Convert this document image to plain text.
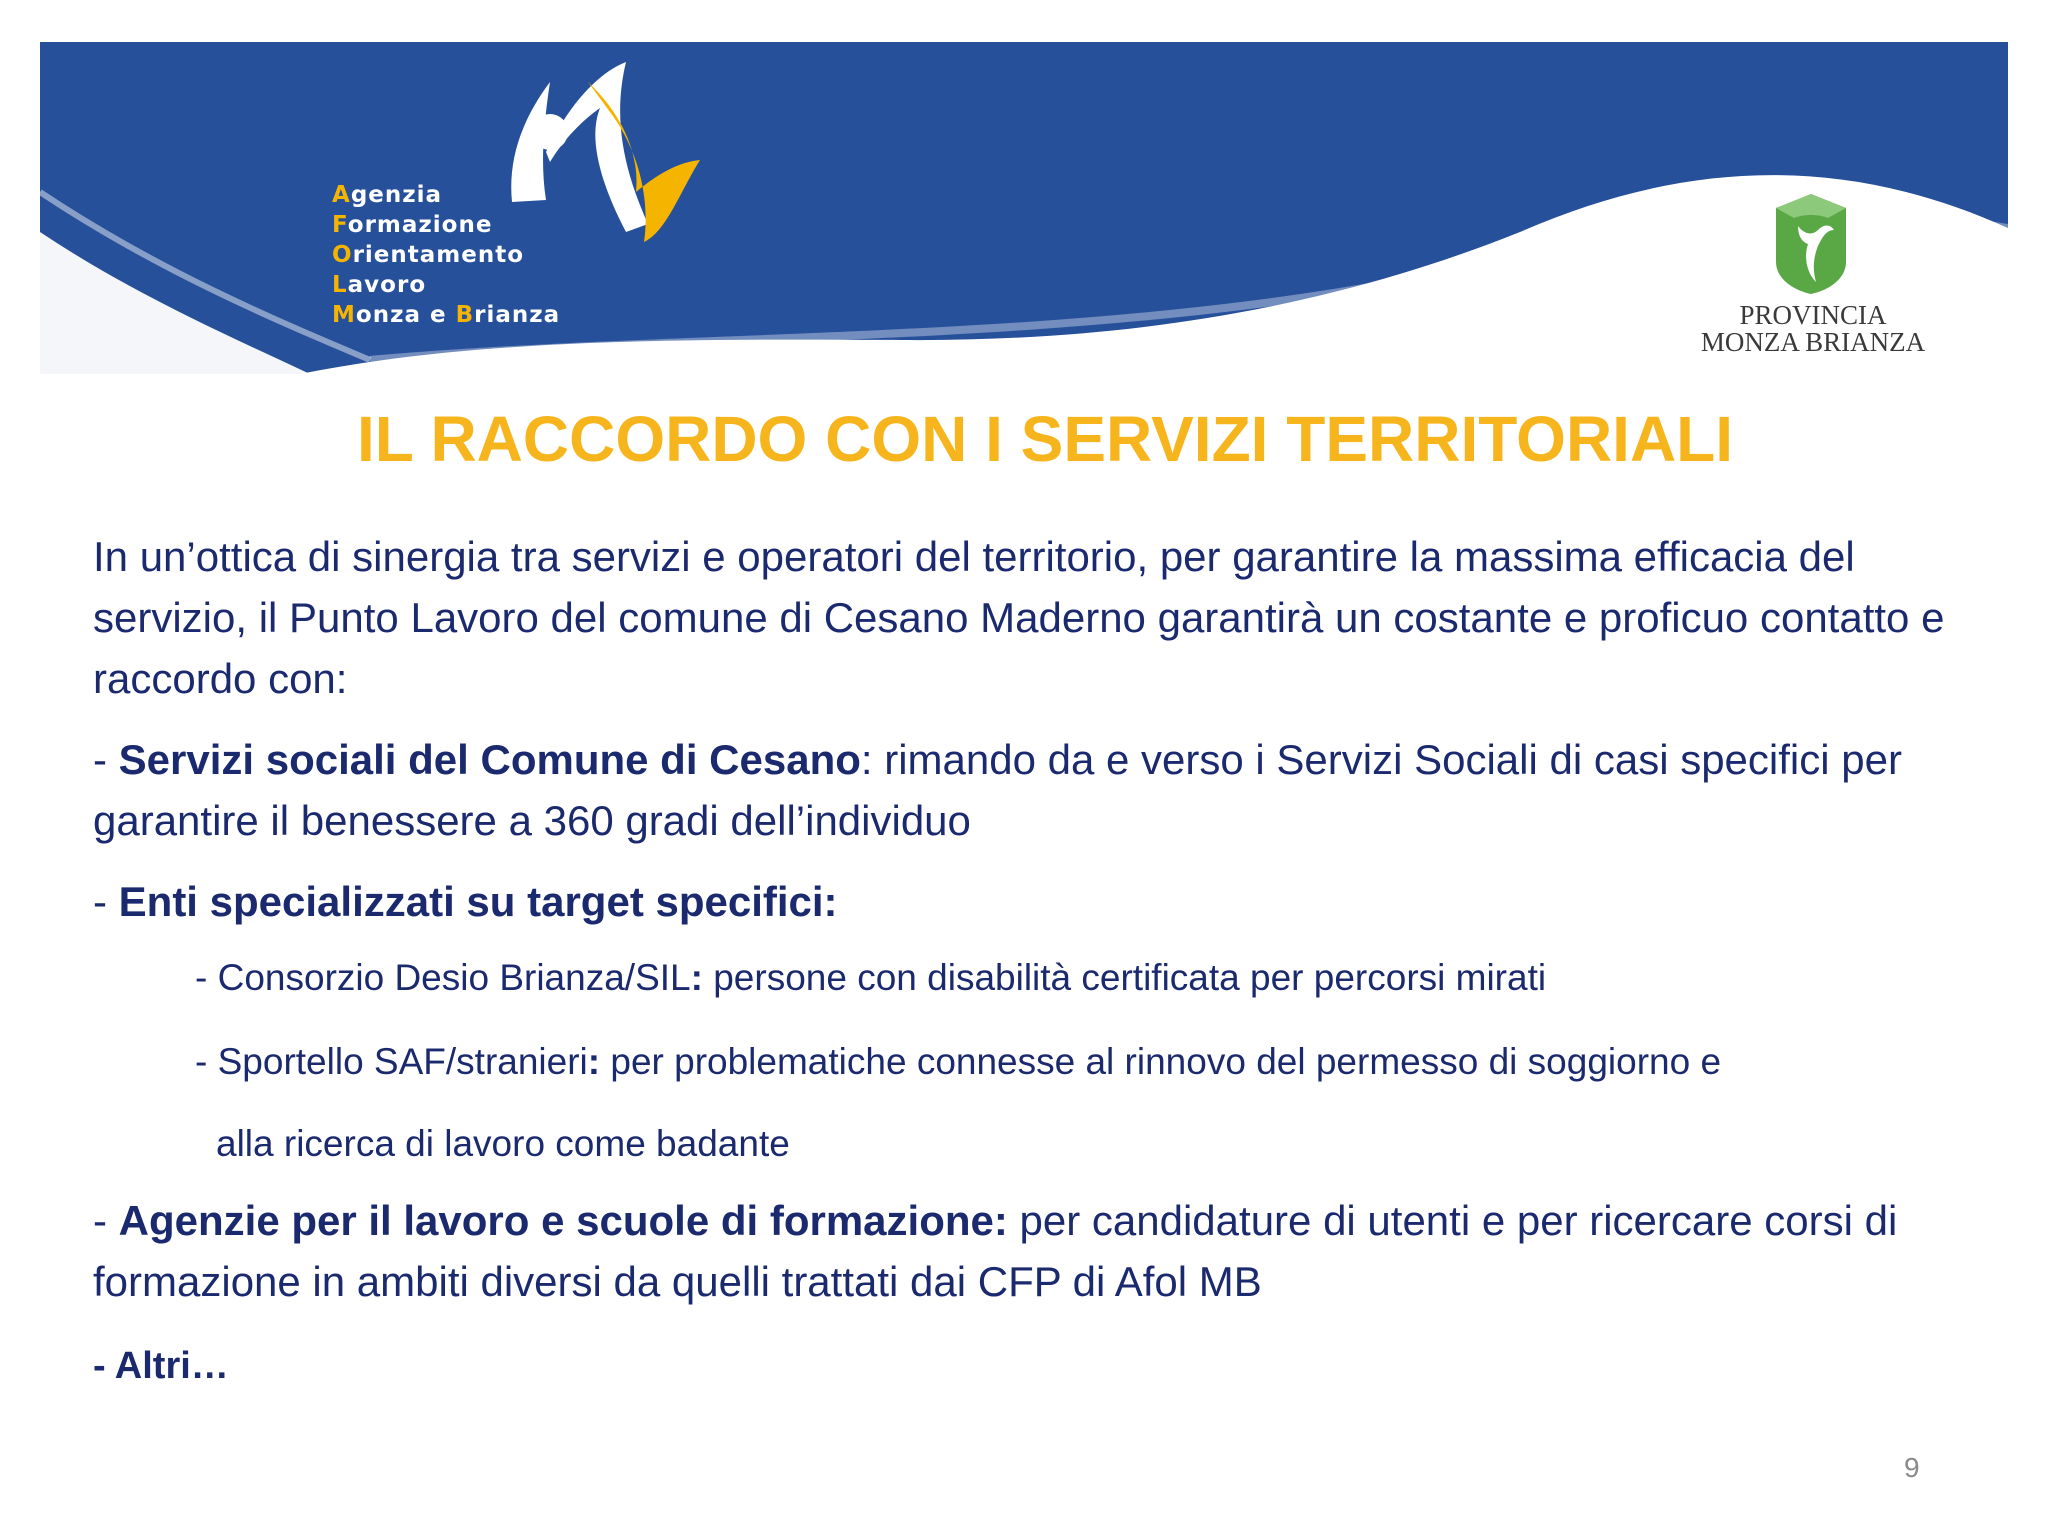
Agenzia
Formazione
Orientamento
Lavoro
Monza e Brianza	PROVINCIA
MONZA BRIANZA
IL RACCORDO CON I SERVIZI TERRITORIALI

In un’ottica di sinergia tra servizi e operatori del territorio, per garantire la massima efficacia del servizio, il Punto Lavoro del comune di Cesano Maderno garantirà un costante e proficuo contatto e raccordo con:

- Servizi sociali del Comune di Cesano: rimando da e verso i Servizi Sociali di casi specifici per garantire il benessere a 360 gradi dell’individuo

- Enti specializzati su target specifici:

- Consorzio Desio Brianza/SIL: persone con disabilità certificata per percorsi mirati

- Sportello SAF/stranieri: per problematiche connesse al rinnovo del permesso di soggiorno e

alla ricerca di lavoro come badante

- Agenzie per il lavoro e scuole di formazione: per candidature di utenti e per ricercare corsi di formazione in ambiti diversi da quelli trattati dai CFP di Afol MB

- Altri…

9
